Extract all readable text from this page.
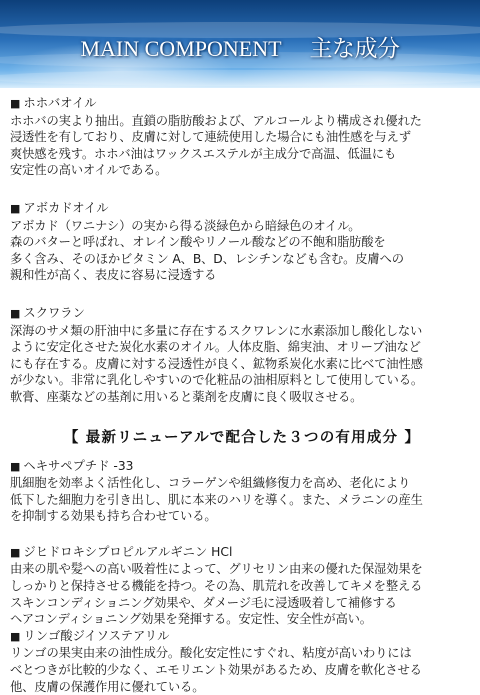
MAIN COMPONENT 主な成分

■ ホホバオイル

ホホバの実より抽出。直鎖の脂肪酸および、アルコールより構成され優れた

浸透性を有しており、皮膚に対して連続使用した場合にも油性感を与えず

爽快感を残す。ホホバ油はワックスエステルが主成分で高温、低温にも

安定性の高いオイルである。

■ アボカドオイル

アボカド（ワニナシ）の実から得る淡緑色から暗緑色のオイル。

森のバターと呼ばれ、オレイン酸やリノール酸などの不飽和脂肪酸を

多く含み、そのほかビタミン A、B、D、レシチンなども含む。皮膚への

親和性が高く、表皮に容易に浸透する

■ スクワラン

深海のサメ類の肝油中に多量に存在するスクワレンに水素添加し酸化しない

ように安定化させた炭化水素のオイル。人体皮脂、綿実油、オリーブ油など

にも存在する。皮膚に対する浸透性が良く、鉱物系炭化水素に比べて油性感

が少ない。非常に乳化しやすいので化粧品の油相原料として使用している。

軟膏、座薬などの基剤に用いると薬剤を皮膚に良く吸収させる。

【 最新リニューアルで配合した３つの有用成分 】

■ ヘキサペプチド -33

肌細胞を効率よく活性化し、コラーゲンや組織修復力を高め、老化により

低下した細胞力を引き出し、肌に本来のハリを導く。また、メラニンの産生

を抑制する効果も持ち合わせている。

■ ジヒドロキシプロピルアルギニン HCl

由来の肌や髪への高い吸着性によって、グリセリン由来の優れた保湿効果を

しっかりと保持させる機能を持つ。その為、肌荒れを改善してキメを整える

スキンコンディショニング効果や、ダメージ毛に浸透吸着して補修する

ヘアコンディショニング効果を発揮する。安定性、安全性が高い。

■ リンゴ酸ジイソステアリル

リンゴの果実由来の油性成分。酸化安定性にすぐれ、粘度が高いわりには

べとつきが比較的少なく、エモリエント効果があるため、皮膚を軟化させる

他、皮膚の保護作用に優れている。
